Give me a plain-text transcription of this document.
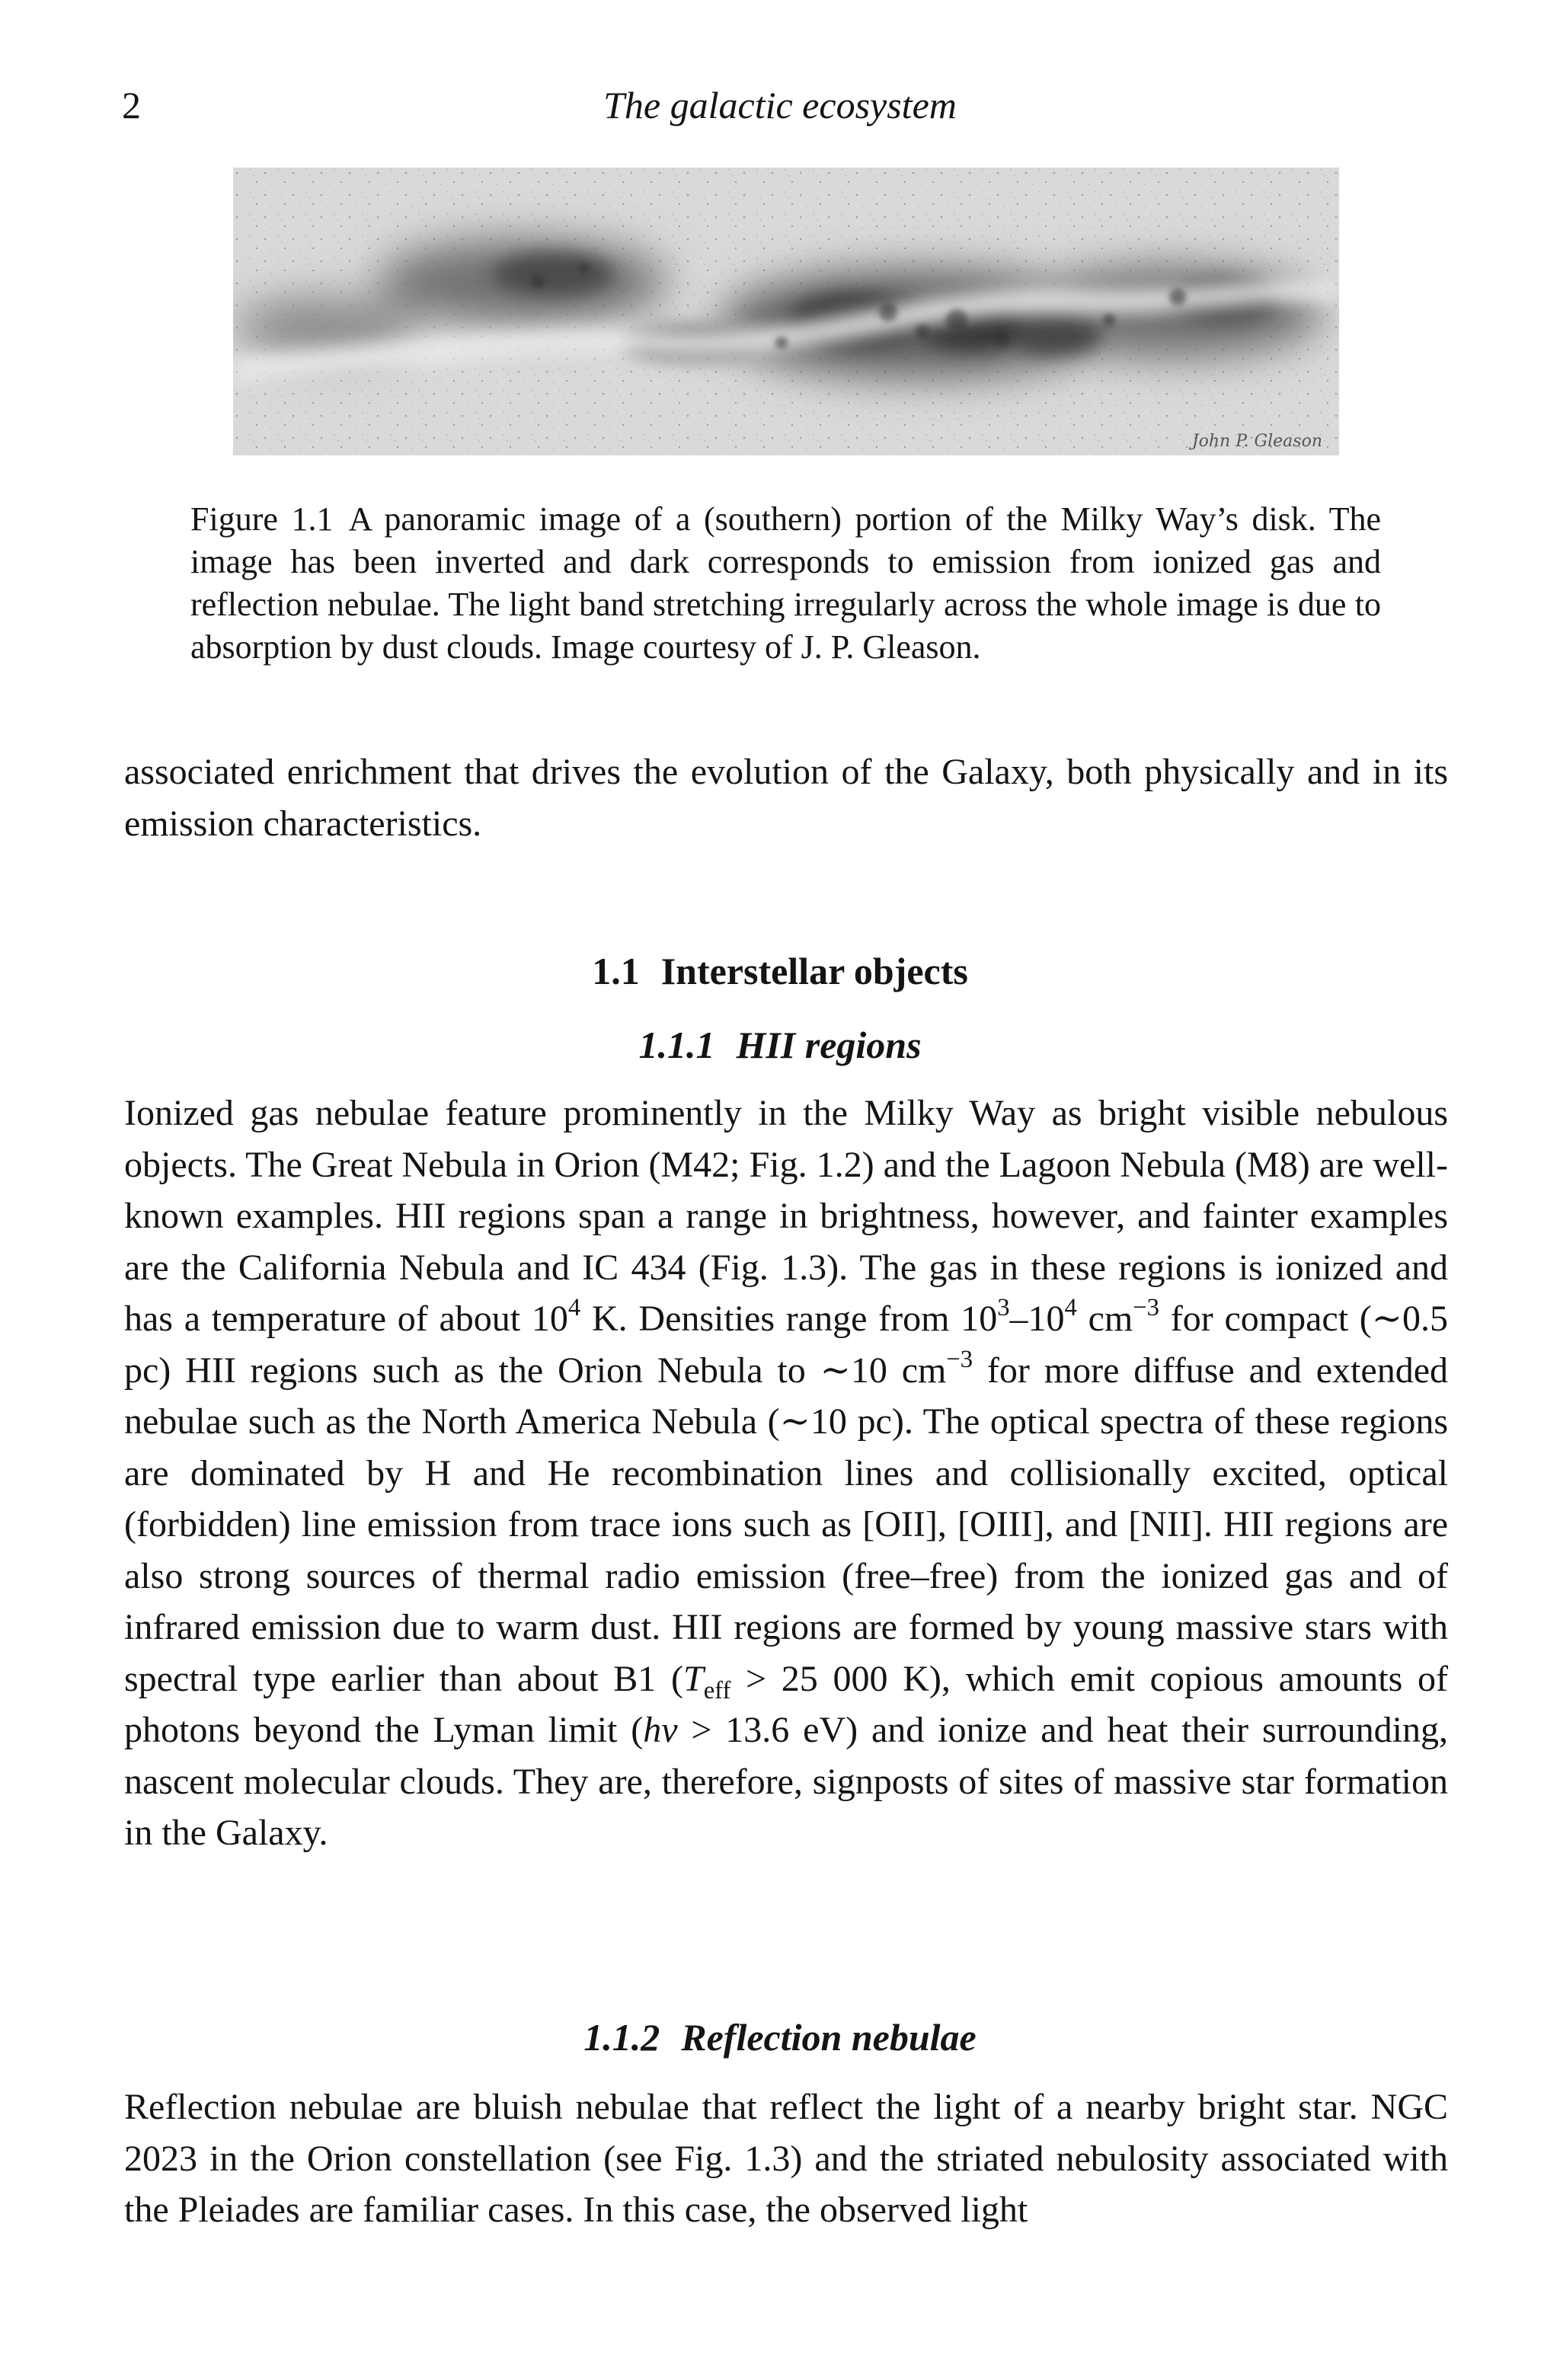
2	The galactic ecosystem
John P. Gleason

Figure 1.1 A panoramic image of a (southern) portion of the Milky Way’s disk. The image has been inverted and dark corresponds to emission from ionized gas and reflection nebulae. The light band stretching irregularly across the whole image is due to absorption by dust clouds. Image courtesy of J. P. Gleason.

associated enrichment that drives the evolution of the Galaxy, both physically and in its emission characteristics.

1.1 Interstellar objects
1.1.1 HII regions

Ionized gas nebulae feature prominently in the Milky Way as bright visible nebulous objects. The Great Nebula in Orion (M42; Fig. 1.2) and the Lagoon Nebula (M8) are well-known examples. HII regions span a range in brightness, however, and fainter examples are the California Nebula and IC 434 (Fig. 1.3). The gas in these regions is ionized and has a temperature of about $10^4$ K. Densities range from $10^3-10^4$ $cm^{-3}$ for compact (∼0.5 pc) HII regions such as the Orion Nebula to ∼10 $cm^{-3}$ for more diffuse and extended nebulae such as the North America Nebula (∼10 pc). The optical spectra of these regions are dominated by H and He recombination lines and collisionally excited, optical (forbidden) line emission from trace ions such as [OII], [OIII], and [NII]. HII regions are also strong sources of thermal radio emission (free–free) from the ionized gas and of infrared emission due to warm dust. HII regions are formed by young massive stars with spectral type earlier than about B1 ($T_{eff} > 25$ 000 K), which emit copious amounts of photons beyond the Lyman limit (hν > 13.6 eV) and ionize and heat their surrounding, nascent molecular clouds. They are, therefore, signposts of sites of massive star formation in the Galaxy.

1.1.2 Reflection nebulae

Reflection nebulae are bluish nebulae that reflect the light of a nearby bright star. NGC 2023 in the Orion constellation (see Fig. 1.3) and the striated nebulosity associated with the Pleiades are familiar cases. In this case, the observed light
